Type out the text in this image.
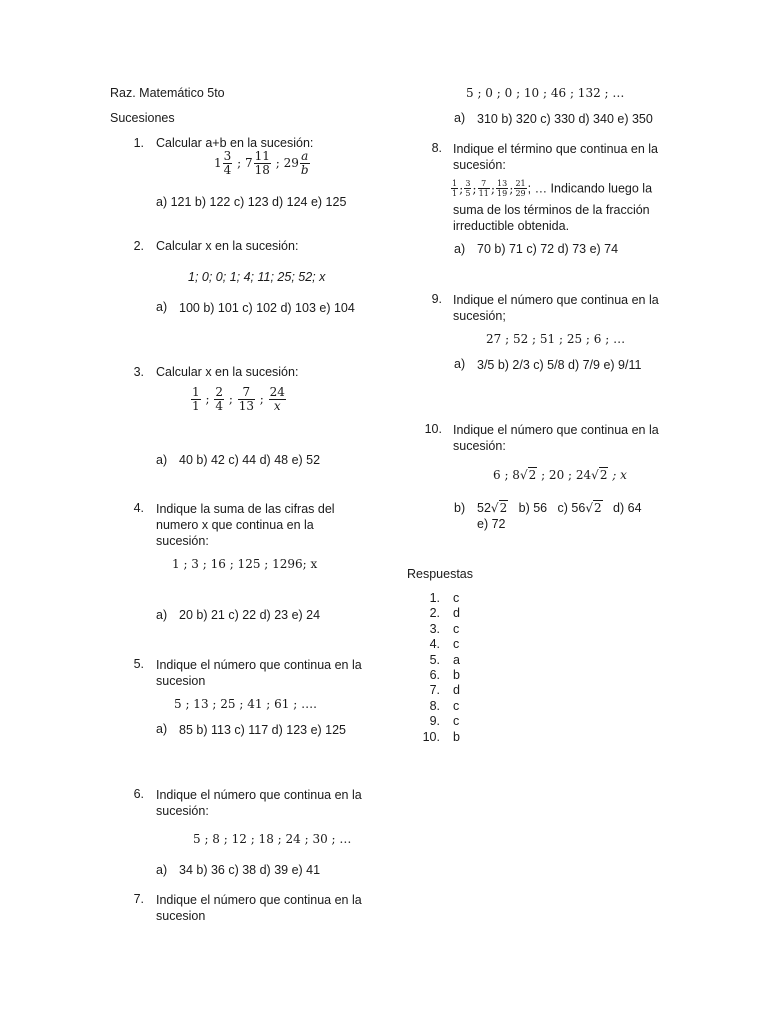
Raz. Matemático 5to
Sucesiones
1. Calcular a+b en la sucesión:
$1 \frac{3}{4}$ ; $7 \frac{11}{18}$ ; $29 \frac{a}{b}$
a) 121 b) 122 c) 123 d) 124 e) 125
2. Calcular x en la sucesión:
1; 0; 0; 1; 4; 11; 25; 52; x
a) 100 b) 101 c) 102 d) 103 e) 104
3. Calcular x en la sucesión:
$\frac{1}{1}$ ; $\frac{2}{4}$ ; $\frac{7}{13}$ ; $\frac{24}{x}$
a) 40 b) 42 c) 44 d) 48 e) 52
4. Indique la suma de las cifras del numero x que continua en la sucesión:
1 ; 3 ; 16 ; 125 ; 1296; x
a) 20 b) 21 c) 22 d) 23 e) 24
5. Indique el número que continua en la sucesion
5 ; 13 ; 25 ; 41 ; 61 ; ….
a) 85 b) 113 c) 117 d) 123 e) 125
6. Indique el número que continua en la sucesión:
5 ; 8 ; 12 ; 18 ; 24 ; 30 ; …
a) 34 b) 36 c) 38 d) 39 e) 41
7. Indique el número que continua en la sucesion
5 ; 0 ; 0 ; 10 ; 46 ; 132 ; …
a) 310 b) 320 c) 330 d) 340 e) 350
8. Indique el término que continua en la sucesión:
$\frac{1}{1}$ ; $\frac{3}{5}$ ; $\frac{7}{11}$ ; $\frac{13}{19}$ ; $\frac{21}{29}$ ; … Indicando luego la
suma de los términos de la fracción irreductible obtenida.
a) 70 b) 71 c) 72 d) 73 e) 74
9. Indique el número que continua en la sucesión;
27 ; 52 ; 51 ; 25 ; 6 ; …
a) 3/5 b) 2/3 c) 5/8 d) 7/9 e) 9/11
10. Indique el número que continua en la sucesión:
6 ; 8√2 ; 20 ; 24√2 ; x
b) 52√2   b) 56   c) 56√2   d) 64
e) 72
Respuestas
1. c
2. d
3. c
4. c
5. a
6. b
7. d
8. c
9. c
10. b
